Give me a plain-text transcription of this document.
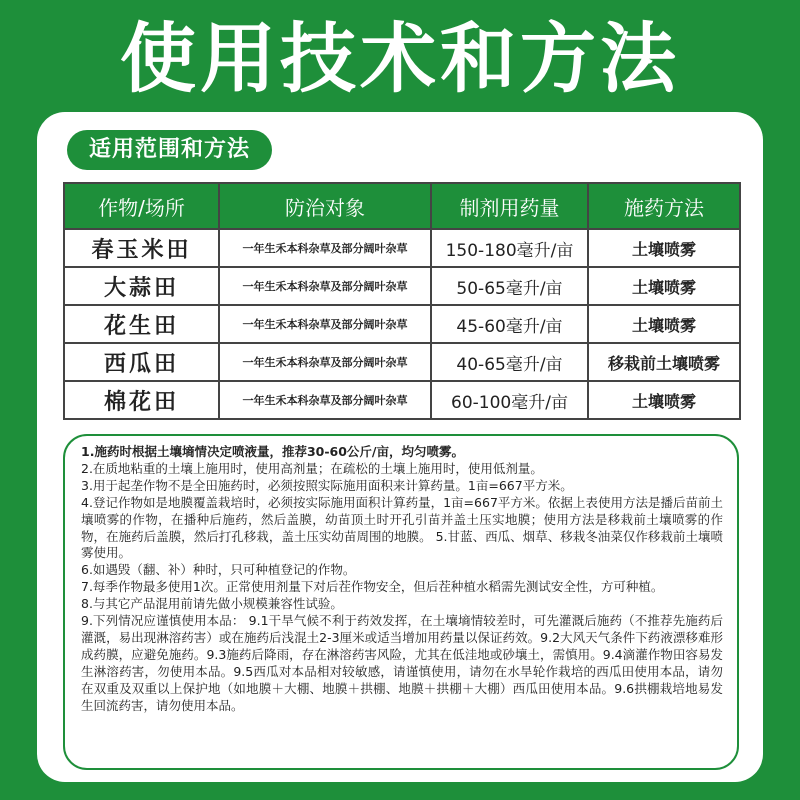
使用技术和方法
适用范围和方法
作物/场所	防治对象	制剂用药量	施药方法
春玉米田	一年生禾本科杂草及部分阔叶杂草	150-180毫升/亩	土壤喷雾
大蒜田	一年生禾本科杂草及部分阔叶杂草	50-65毫升/亩	土壤喷雾
花生田	一年生禾本科杂草及部分阔叶杂草	45-60毫升/亩	土壤喷雾
西瓜田	一年生禾本科杂草及部分阔叶杂草	40-65毫升/亩	移栽前土壤喷雾
棉花田	一年生禾本科杂草及部分阔叶杂草	60-100毫升/亩	土壤喷雾

1.施药时根据土壤墒情决定喷液量，推荐30-60公斤/亩，均匀喷雾。

2.在质地粘重的土壤上施用时，使用高剂量；在疏松的土壤上施用时，使用低剂量。

3.用于起垄作物不是全田施药时，必须按照实际施用面积来计算药量。1亩=667平方米。

4.登记作物如是地膜覆盖栽培时，必须按实际施用面积计算药量，1亩=667平方米。依据上表使用方法是播后苗前土壤喷雾的作物，在播种后施药，然后盖膜，幼苗顶土时开孔引苗并盖土压实地膜；使用方法是移栽前土壤喷雾的作物，在施药后盖膜，然后打孔移栽，盖土压实幼苗周围的地膜。 5.甘蓝、西瓜、烟草、移栽冬油菜仅作移栽前土壤喷雾使用。

6.如遇毁（翻、补）种时，只可种植登记的作物。

7.每季作物最多使用1次。正常使用剂量下对后茬作物安全，但后茬种植水稻需先测试安全性，方可种植。

8.与其它产品混用前请先做小规模兼容性试验。

9.下列情况应谨慎使用本品： 9.1干旱气候不利于药效发挥，在土壤墒情较差时，可先灌溉后施药（不推荐先施药后灌溉，易出现淋溶药害）或在施药后浅混土2-3厘米或适当增加用药量以保证药效。9.2大风天气条件下药液漂移难形成药膜，应避免施药。9.3施药后降雨，存在淋溶药害风险，尤其在低洼地或砂壤土，需慎用。9.4滴灌作物田容易发生淋溶药害，勿使用本品。9.5西瓜对本品相对较敏感，请谨慎使用，请勿在水旱轮作栽培的西瓜田使用本品，请勿在双重及双重以上保护地（如地膜＋大棚、地膜＋拱棚、地膜＋拱棚＋大棚）西瓜田使用本品。9.6拱棚栽培地易发生回流药害，请勿使用本品。
